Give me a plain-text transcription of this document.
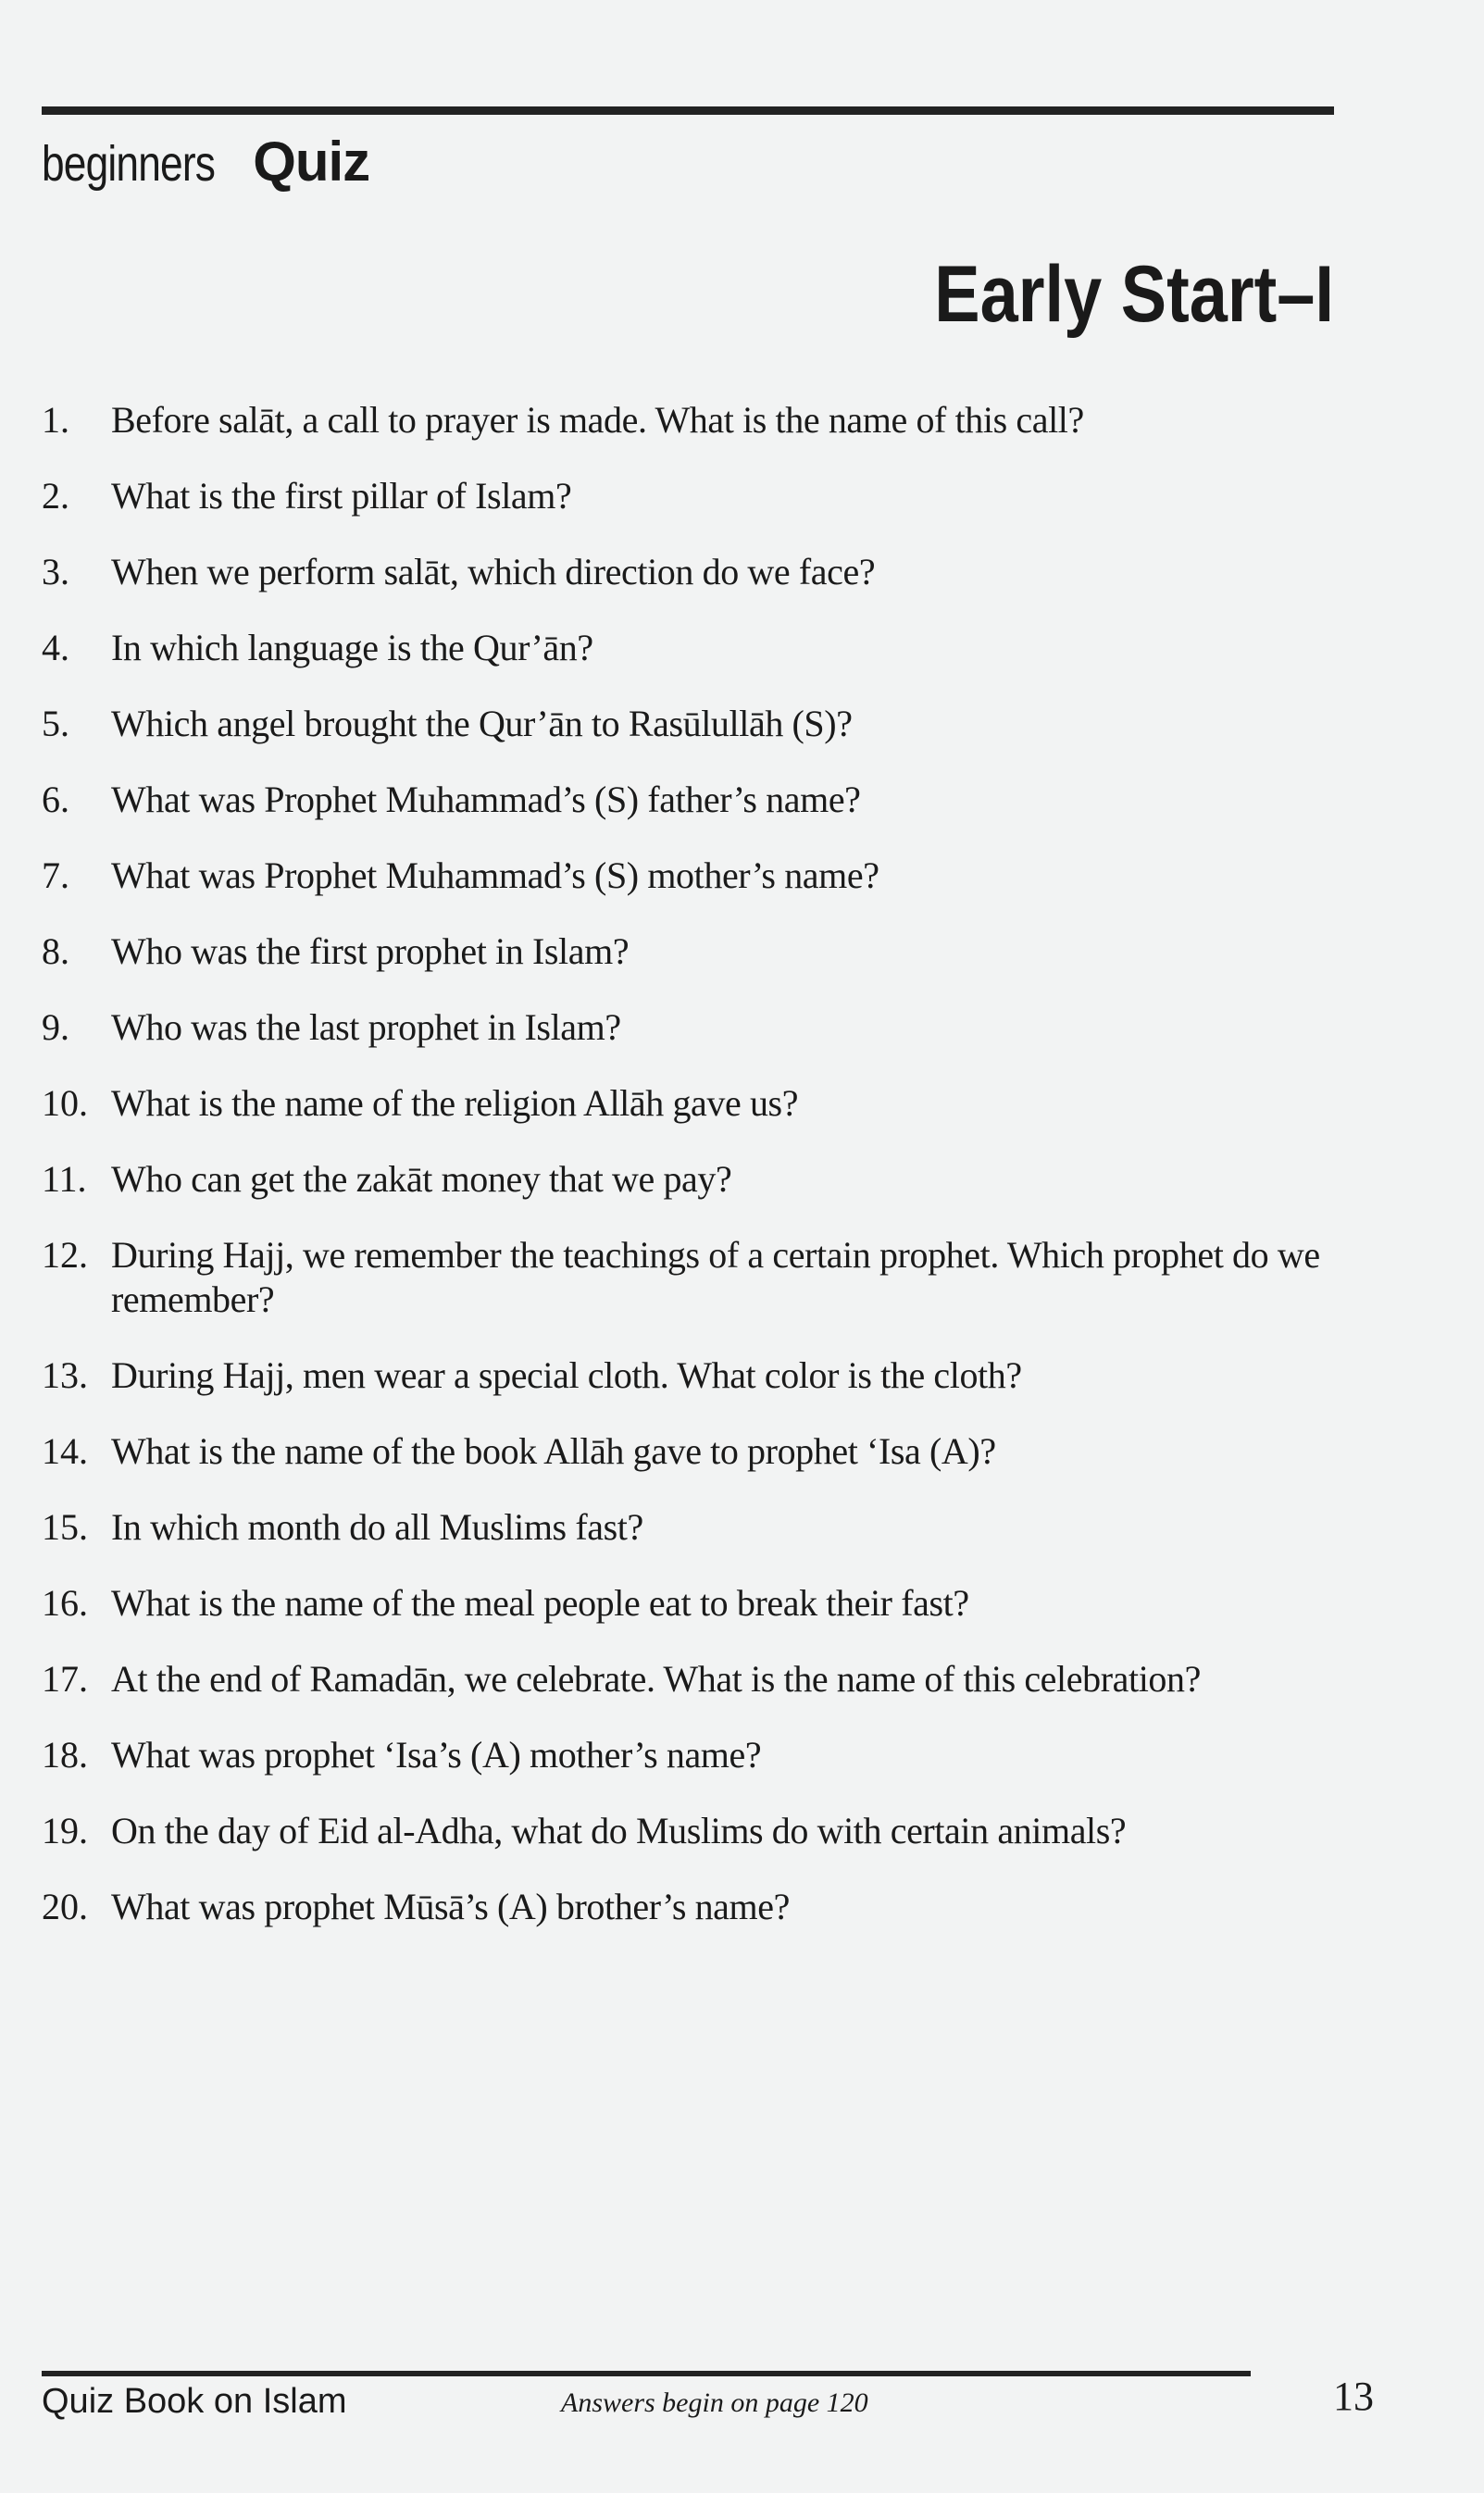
beginners Quiz
Early Start–I
1.	Before salāt, a call to prayer is made. What is the name of this call?
2.	What is the first pillar of Islam?
3.	When we perform salāt, which direction do we face?
4.	In which language is the Qur’ān?
5.	Which angel brought the Qur’ān to Rasūlullāh (S)?
6.	What was Prophet Muhammad’s (S) father’s name?
7.	What was Prophet Muhammad’s (S) mother’s name?
8.	Who was the first prophet in Islam?
9.	Who was the last prophet in Islam?
10. What is the name of the religion Allāh gave us?
11. Who can get the zakāt money that we pay?
12. During Hajj, we remember the teachings of a certain prophet. Which prophet do we remember?
13. During Hajj, men wear a special cloth. What color is the cloth?
14. What is the name of the book Allāh gave to prophet ‘Isa (A)?
15. In which month do all Muslims fast?
16. What is the name of the meal people eat to break their fast?
17. At the end of Ramadān, we celebrate. What is the name of this celebration?
18. What was prophet ‘Isa’s (A) mother’s name?
19. On the day of Eid al-Adha, what do Muslims do with certain animals?
20. What was prophet Mūsā’s (A) brother’s name?
Quiz Book on Islam	Answers begin on page 120	13
